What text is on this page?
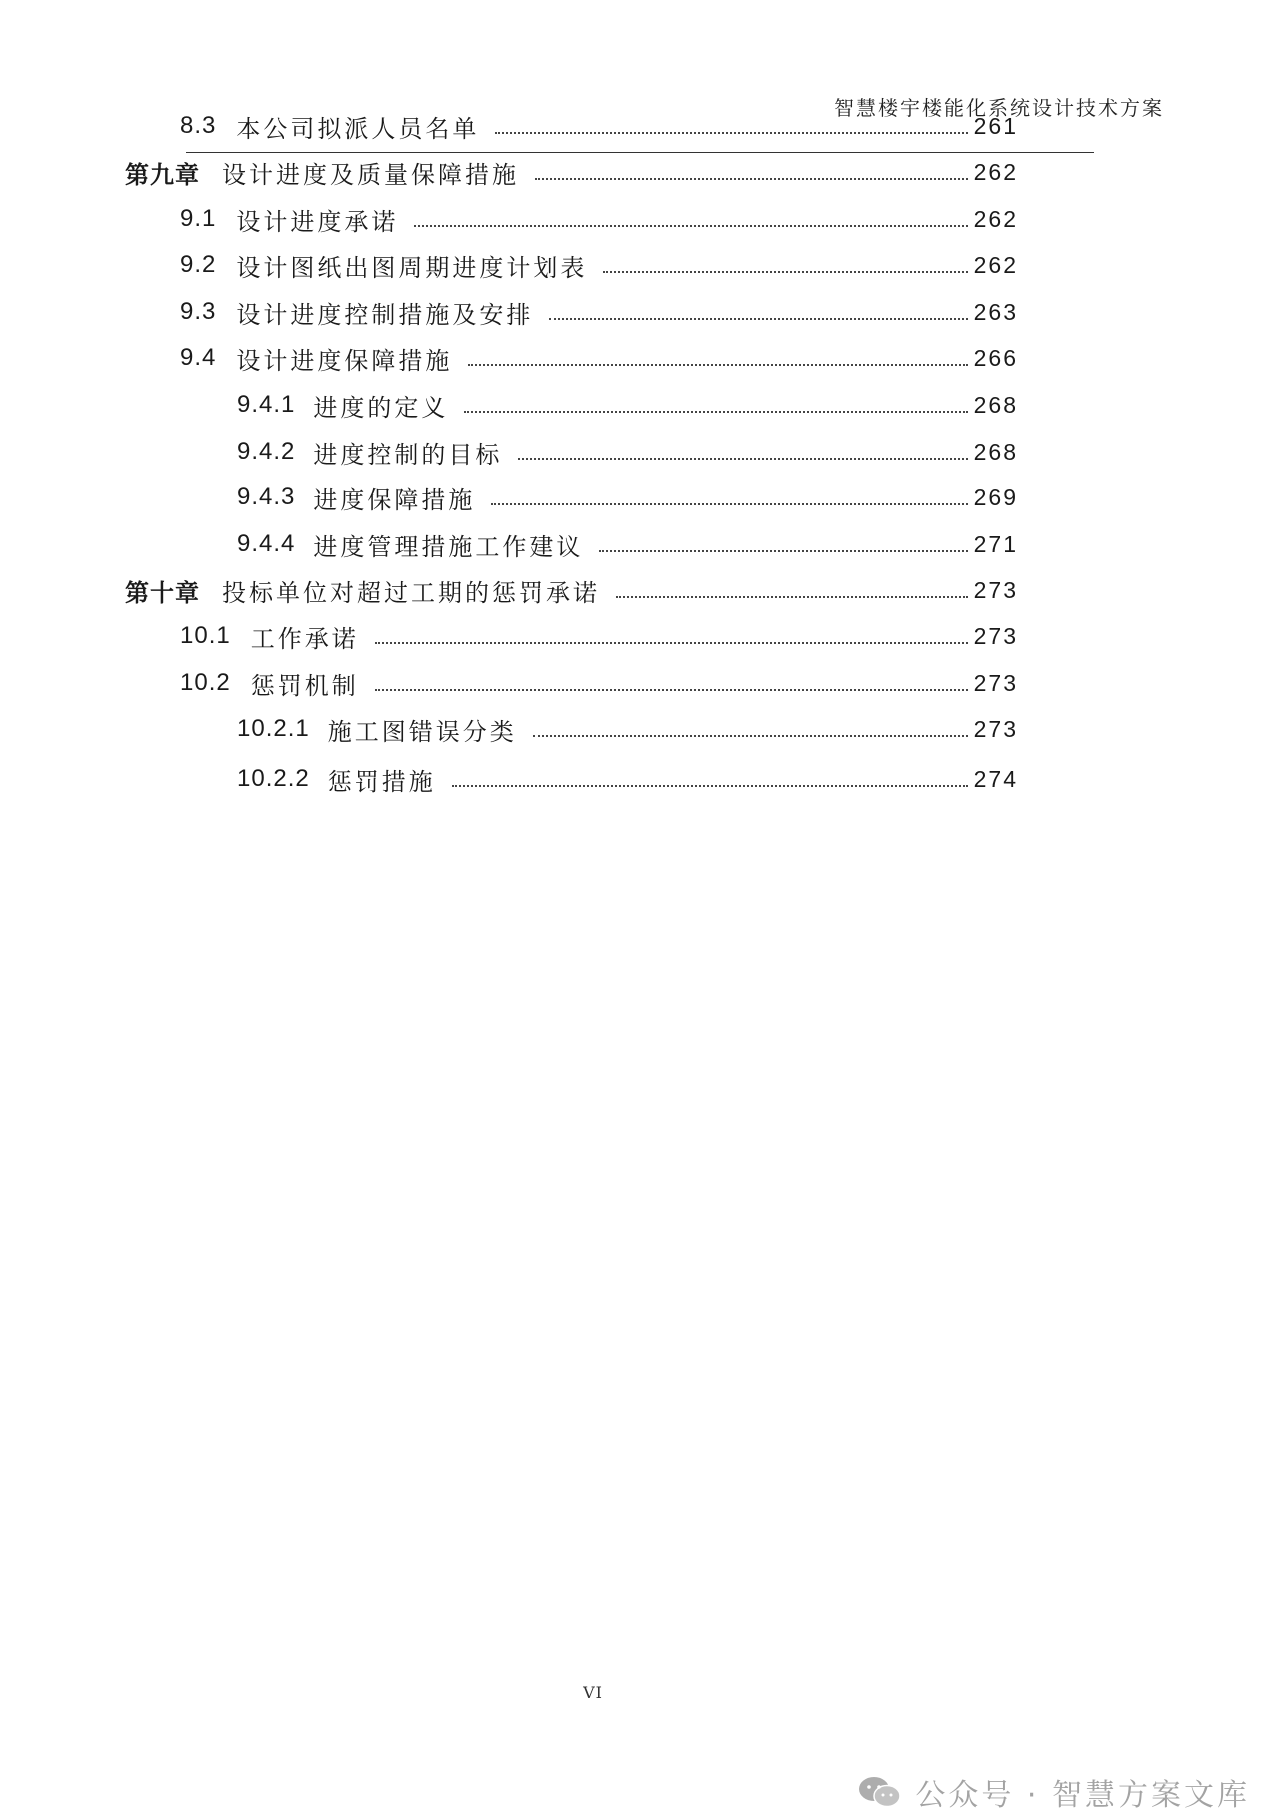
智慧楼宇楼能化系统设计技术方案
8.3 本公司拟派人员名单	261
第九章 设计进度及质量保障措施	262
9.1 设计进度承诺	262
9.2 设计图纸出图周期进度计划表	262
9.3 设计进度控制措施及安排	263
9.4 设计进度保障措施	266
9.4.1 进度的定义	268
9.4.2 进度控制的目标	268
9.4.3 进度保障措施	269
9.4.4 进度管理措施工作建议	271
第十章 投标单位对超过工期的惩罚承诺	273
10.1 工作承诺	273
10.2 惩罚机制	273
10.2.1 施工图错误分类	273
10.2.2 惩罚措施	274
VI
公众号 · 智慧方案文库
